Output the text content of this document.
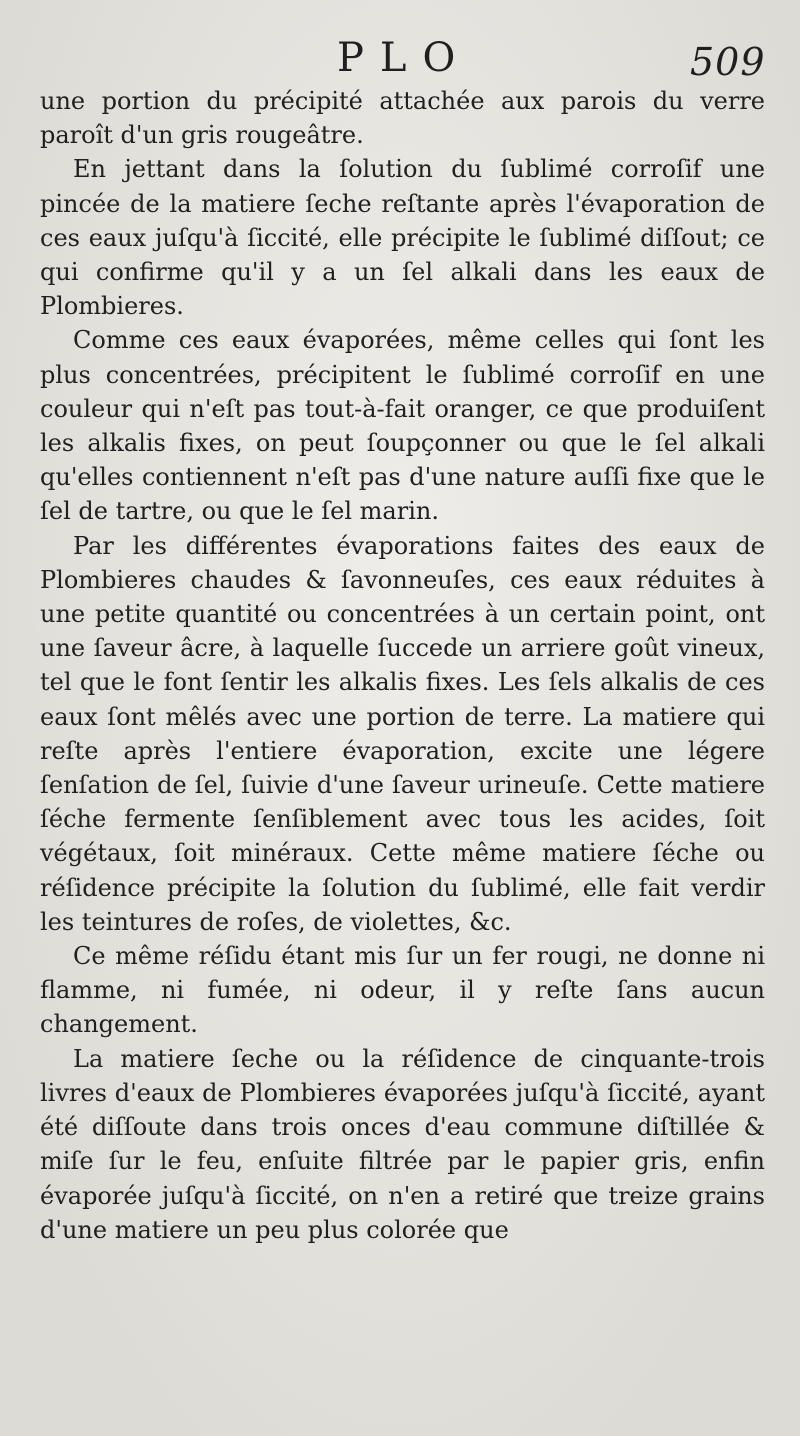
PLO	509

une portion du précipité attachée aux parois du verre paroît d'un gris rougeâtre.

En jettant dans la ſolution du ſublimé corroſif une pincée de la matiere ſeche reſtante après l'évaporation de ces eaux juſqu'à ſiccité, elle précipite le ſublimé diſſout; ce qui confirme qu'il y a un ſel alkali dans les eaux de Plombieres.

Comme ces eaux évaporées, même celles qui ſont les plus concentrées, précipitent le ſublimé corroſif en une couleur qui n'eſt pas tout-à-fait oranger, ce que produiſent les alkalis fixes, on peut ſoupçonner ou que le ſel alkali qu'elles contiennent n'eſt pas d'une nature auſſi fixe que le ſel de tartre, ou que le ſel marin.

Par les différentes évaporations faites des eaux de Plombieres chaudes & ſavonneuſes, ces eaux réduites à une petite quantité ou concentrées à un certain point, ont une ſaveur âcre, à laquelle ſuccede un arriere goût vineux, tel que le font ſentir les alkalis fixes. Les ſels alkalis de ces eaux ſont mêlés avec une portion de terre. La matiere qui reſte après l'entiere évaporation, excite une légere ſenſation de ſel, ſuivie d'une ſaveur urineuſe. Cette matiere ſéche fermente ſenſiblement avec tous les acides, ſoit végétaux, ſoit minéraux. Cette même matiere ſéche ou réſidence précipite la ſolution du ſublimé, elle fait verdir les teintures de roſes, de violettes, &c.

Ce même réſidu étant mis ſur un fer rougi, ne donne ni flamme, ni fumée, ni odeur, il y reſte ſans aucun changement.

La matiere ſeche ou la réſidence de cinquante-trois livres d'eaux de Plombieres évaporées juſqu'à ſiccité, ayant été diſſoute dans trois onces d'eau commune diſtillée & miſe ſur le feu, enſuite filtrée par le papier gris, enfin évaporée juſqu'à ſiccité, on n'en a retiré que treize grains d'une matiere un peu plus colorée que
